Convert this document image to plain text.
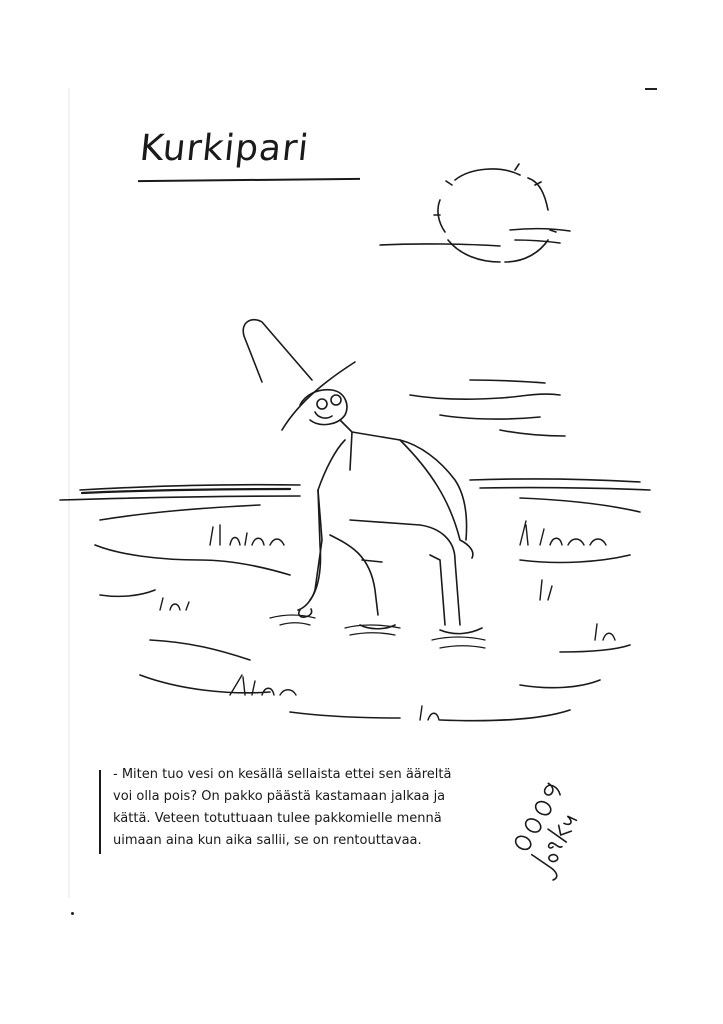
Kurkipari

- Miten tuo vesi on kesällä sellaista ettei sen ääreltä voi olla pois? On pakko päästä kastamaan jalkaa ja kättä. Veteen totuttuaan tulee pakkomielle mennä uimaan aina kun aika sallii, se on rentouttavaa.
